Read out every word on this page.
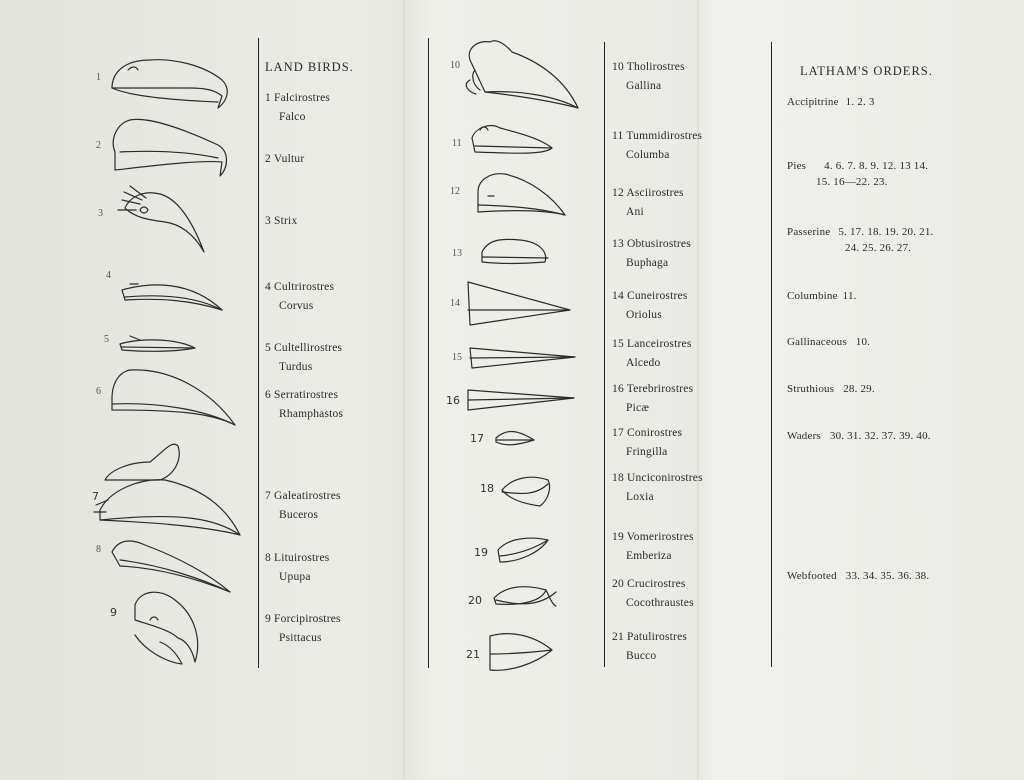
1
2
3
4
5
6
7
8
9
10
11
12
13
14
15
16
17
18
19
20
21
LAND BIRDS.
1 Falcirostres
Falco
2 Vultur
3 Strix
4 Cultrirostres
Corvus
5 Cultellirostres
Turdus
6 Serratirostres
Rhamphastos
7 Galeatirostres
Buceros
8 Lituirostres
Upupa
9 Forcipirostres
Psittacus
10 Tholirostres
Gallina
11 Tummidirostres
Columba
12 Asciirostres
Ani
13 Obtusirostres
Buphaga
14 Cuneirostres
Oriolus
15 Lanceirostres
Alcedo
16 Terebrirostres
Picæ
17 Conirostres
Fringilla
18 Unciconirostres
Loxia
19 Vomerirostres
Emberiza
20 Crucirostres
Cocothraustes
21 Patulirostres
Bucco
LATHAM'S ORDERS.
Accipitrine 1. 2. 3
Pies 4. 6. 7. 8. 9. 12. 13 14.
15. 16—22. 23.
Passerine 5. 17. 18. 19. 20. 21.
24. 25. 26. 27.
Columbine 11.
Gallinaceous 10.
Struthious 28. 29.
Waders 30. 31. 32. 37. 39. 40.
Webfooted 33. 34. 35. 36. 38.
